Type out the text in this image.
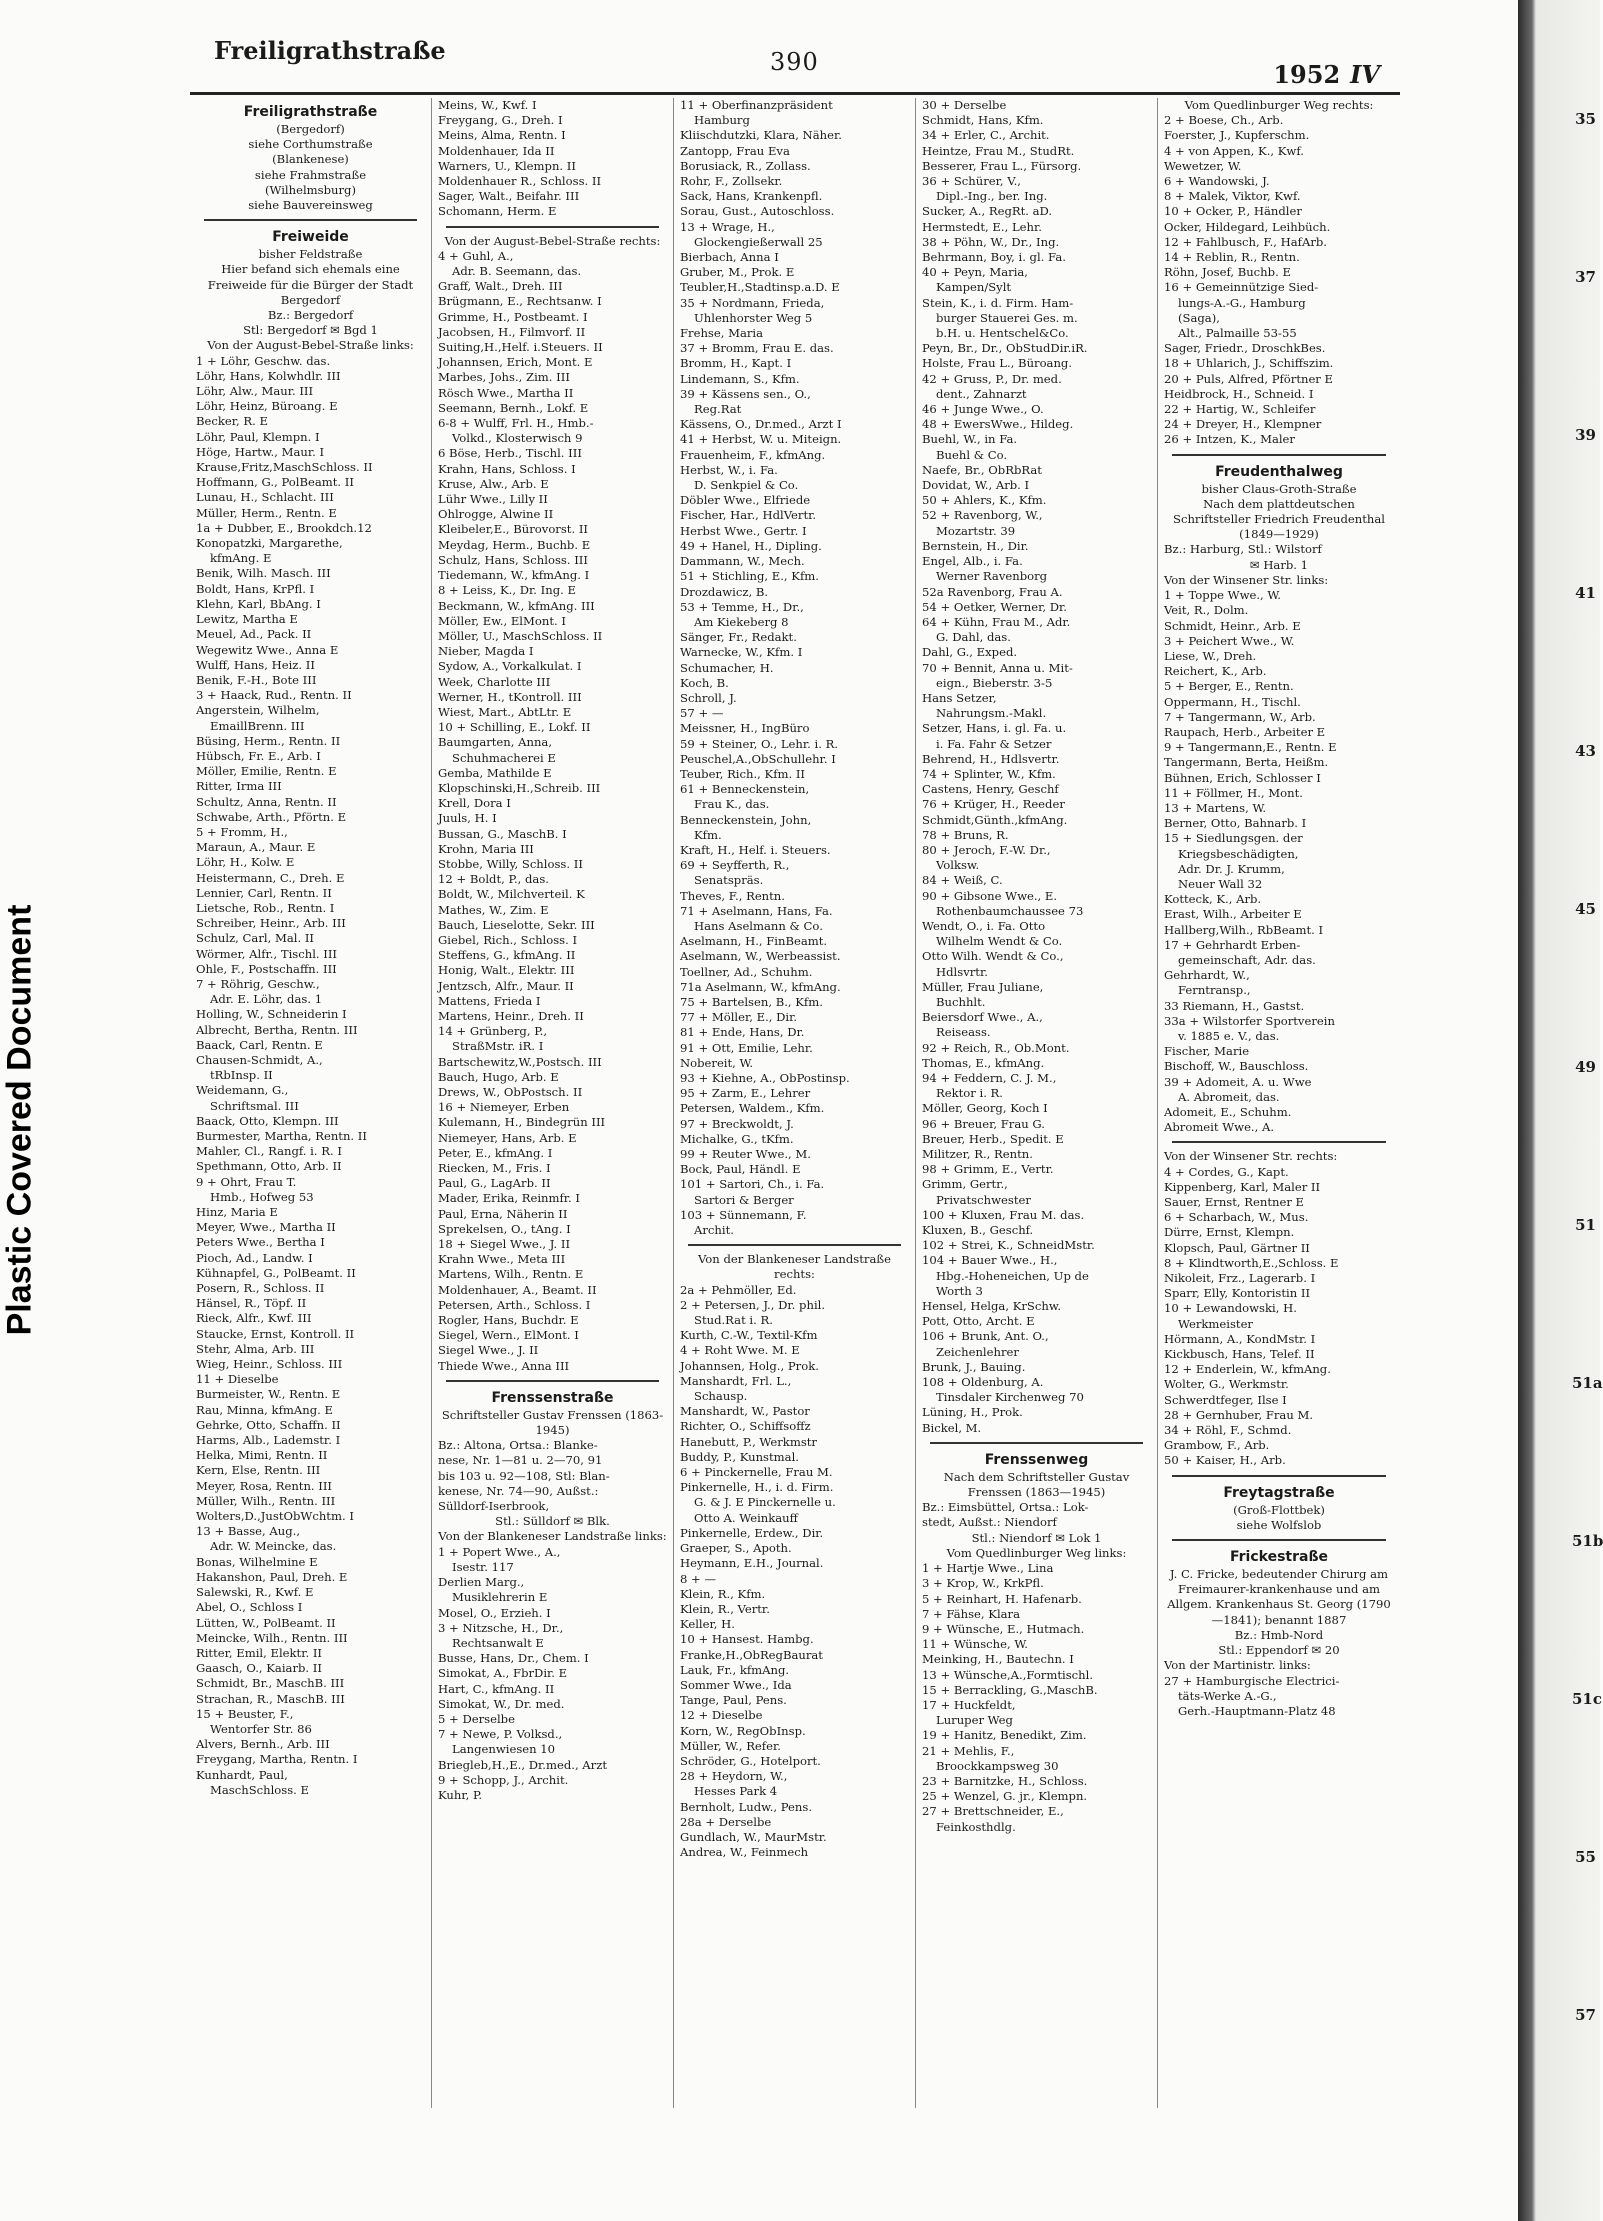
Plastic Covered Document
35
37
39
41
43
45
49
51
51a
51b
51c
55
57
Freiligrathstraße	390	1952 IV
Freiligrathstraße
(Bergedorf)
siehe Corthumstraße
(Blankenese)
siehe Frahmstraße
(Wilhelmsburg)
siehe Bauvereinsweg
Freiweide
bisher Feldstraße
Hier befand sich ehemals eine Freiweide für die Bürger der Stadt Bergedorf
Bz.: Bergedorf
Stl: Bergedorf ✉ Bgd 1
Von der August-Bebel-Straße links:
1 + Löhr, Geschw. das.
Löhr, Hans, Kolwhdlr. III
Löhr, Alw., Maur. III
Löhr, Heinz, Büroang. E
Becker, R. E
Löhr, Paul, Klempn. I
Höge, Hartw., Maur. I
Krause,Fritz,MaschSchloss. II
Hoffmann, G., PolBeamt. II
Lunau, H., Schlacht. III
Müller, Herm., Rentn. E
1a + Dubber, E., Brookdch.12
Konopatzki, Margarethe,
kfmAng. E
Benik, Wilh. Masch. III
Boldt, Hans, KrPfl. I
Klehn, Karl, BbAng. I
Lewitz, Martha E
Meuel, Ad., Pack. II
Wegewitz Wwe., Anna E
Wulff, Hans, Heiz. II
Benik, F.-H., Bote III
3 + Haack, Rud., Rentn. II
Angerstein, Wilhelm,
EmaillBrenn. III
Büsing, Herm., Rentn. II
Hübsch, Fr. E., Arb. I
Möller, Emilie, Rentn. E
Ritter, Irma III
Schultz, Anna, Rentn. II
Schwabe, Arth., Pförtn. E
5 + Fromm, H.,
Maraun, A., Maur. E
Löhr, H., Kolw. E
Heistermann, C., Dreh. E
Lennier, Carl, Rentn. II
Lietsche, Rob., Rentn. I
Schreiber, Heinr., Arb. III
Schulz, Carl, Mal. II
Wörmer, Alfr., Tischl. III
Ohle, F., Postschaffn. III
7 + Röhrig, Geschw.,
Adr. E. Löhr, das. 1
Holling, W., Schneiderin I
Albrecht, Bertha, Rentn. III
Baack, Carl, Rentn. E
Chausen-Schmidt, A.,
tRbInsp. II
Weidemann, G.,
Schriftsmal. III
Baack, Otto, Klempn. III
Burmester, Martha, Rentn. II
Mahler, Cl., Rangf. i. R. I
Spethmann, Otto, Arb. II
9 + Ohrt, Frau T.
Hmb., Hofweg 53
Hinz, Maria E
Meyer, Wwe., Martha II
Peters Wwe., Bertha I
Pioch, Ad., Landw. I
Kühnapfel, G., PolBeamt. II
Posern, R., Schloss. II
Hänsel, R., Töpf. II
Rieck, Alfr., Kwf. III
Staucke, Ernst, Kontroll. II
Stehr, Alma, Arb. III
Wieg, Heinr., Schloss. III
11 + Dieselbe
Burmeister, W., Rentn. E
Rau, Minna, kfmAng. E
Gehrke, Otto, Schaffn. II
Harms, Alb., Lademstr. I
Helka, Mimi, Rentn. II
Kern, Else, Rentn. III
Meyer, Rosa, Rentn. III
Müller, Wilh., Rentn. III
Wolters,D.,JustObWchtm. I
13 + Basse, Aug.,
Adr. W. Meincke, das.
Bonas, Wilhelmine E
Hakanshon, Paul, Dreh. E
Salewski, R., Kwf. E
Abel, O., Schloss I
Lütten, W., PolBeamt. II
Meincke, Wilh., Rentn. III
Ritter, Emil, Elektr. II
Gaasch, O., Kaiarb. II
Schmidt, Br., MaschB. III
Strachan, R., MaschB. III
15 + Beuster, F.,
Wentorfer Str. 86
Alvers, Bernh., Arb. III
Freygang, Martha, Rentn. I
Kunhardt, Paul,
MaschSchloss. E
Meins, W., Kwf. I
Freygang, G., Dreh. I
Meins, Alma, Rentn. I
Moldenhauer, Ida II
Warners, U., Klempn. II
Moldenhauer R., Schloss. II
Sager, Walt., Beifahr. III
Schomann, Herm. E
Von der August-Bebel-Straße rechts:
4 + Guhl, A.,
Adr. B. Seemann, das.
Graff, Walt., Dreh. III
Brügmann, E., Rechtsanw. I
Grimme, H., Postbeamt. I
Jacobsen, H., Filmvorf. II
Suiting,H.,Helf. i.Steuers. II
Johannsen, Erich, Mont. E
Marbes, Johs., Zim. III
Rösch Wwe., Martha II
Seemann, Bernh., Lokf. E
6-8 + Wulff, Frl. H., Hmb.-
Volkd., Klosterwisch 9
6 Böse, Herb., Tischl. III
Krahn, Hans, Schloss. I
Kruse, Alw., Arb. E
Lühr Wwe., Lilly II
Ohlrogge, Alwine II
Kleibeler,E., Bürovorst. II
Meydag, Herm., Buchb. E
Schulz, Hans, Schloss. III
Tiedemann, W., kfmAng. I
8 + Leiss, K., Dr. Ing. E
Beckmann, W., kfmAng. III
Möller, Ew., ElMont. I
Möller, U., MaschSchloss. II
Nieber, Magda I
Sydow, A., Vorkalkulat. I
Week, Charlotte III
Werner, H., tKontroll. III
Wiest, Mart., AbtLtr. E
10 + Schilling, E., Lokf. II
Baumgarten, Anna,
Schuhmacherei E
Gemba, Mathilde E
Klopschinski,H.,Schreib. III
Krell, Dora I
Juuls, H. I
Bussan, G., MaschB. I
Krohn, Maria III
Stobbe, Willy, Schloss. II
12 + Boldt, P., das.
Boldt, W., Milchverteil. K
Mathes, W., Zim. E
Bauch, Lieselotte, Sekr. III
Giebel, Rich., Schloss. I
Steffens, G., kfmAng. II
Honig, Walt., Elektr. III
Jentzsch, Alfr., Maur. II
Mattens, Frieda I
Martens, Heinr., Dreh. II
14 + Grünberg, P.,
StraßMstr. iR. I
Bartschewitz,W.,Postsch. III
Bauch, Hugo, Arb. E
Drews, W., ObPostsch. II
16 + Niemeyer, Erben
Kulemann, H., Bindegrün III
Niemeyer, Hans, Arb. E
Peter, E., kfmAng. I
Riecken, M., Fris. I
Paul, G., LagArb. II
Mader, Erika, Reinmfr. I
Paul, Erna, Näherin II
Sprekelsen, O., tAng. I
18 + Siegel Wwe., J. II
Krahn Wwe., Meta III
Martens, Wilh., Rentn. E
Moldenhauer, A., Beamt. II
Petersen, Arth., Schloss. I
Rogler, Hans, Buchdr. E
Siegel, Wern., ElMont. I
Siegel Wwe., J. II
Thiede Wwe., Anna III
Frenssenstraße
Schriftsteller Gustav Frenssen (1863-1945)
Bz.: Altona, Ortsa.: Blanke-
nese, Nr. 1—81 u. 2—70, 91
bis 103 u. 92—108, Stl: Blan-
kenese, Nr. 74—90, Außst.:
Sülldorf-Iserbrook,
Stl.: Sülldorf ✉ Blk.
Von der Blankeneser Landstraße links:
1 + Popert Wwe., A.,
Isestr. 117
Derlien Marg.,
Musiklehrerin E
Mosel, O., Erzieh. I
3 + Nitzsche, H., Dr.,
Rechtsanwalt E
Busse, Hans, Dr., Chem. I
Simokat, A., FbrDir. E
Hart, C., kfmAng. II
Simokat, W., Dr. med.
5 + Derselbe
7 + Newe, P. Volksd.,
Langenwiesen 10
Briegleb,H.,E., Dr.med., Arzt
9 + Schopp, J., Archit.
Kuhr, P.
11 + Oberfinanzpräsident
Hamburg
Kliischdutzki, Klara, Näher.
Zantopp, Frau Eva
Borusiack, R., Zollass.
Rohr, F., Zollsekr.
Sack, Hans, Krankenpfl.
Sorau, Gust., Autoschloss.
13 + Wrage, H.,
Glockengießerwall 25
Bierbach, Anna I
Gruber, M., Prok. E
Teubler,H.,Stadtinsp.a.D. E
35 + Nordmann, Frieda,
Uhlenhorster Weg 5
Frehse, Maria
37 + Bromm, Frau E. das.
Bromm, H., Kapt. I
Lindemann, S., Kfm.
39 + Kässens sen., O.,
Reg.Rat
Kässens, O., Dr.med., Arzt I
41 + Herbst, W. u. Miteign.
Frauenheim, F., kfmAng.
Herbst, W., i. Fa.
D. Senkpiel & Co.
Döbler Wwe., Elfriede
Fischer, Har., HdlVertr.
Herbst Wwe., Gertr. I
49 + Hanel, H., Dipling.
Dammann, W., Mech.
51 + Stichling, E., Kfm.
Drozdawicz, B.
53 + Temme, H., Dr.,
Am Kiekeberg 8
Sänger, Fr., Redakt.
Warnecke, W., Kfm. I
Schumacher, H.
Koch, B.
Schroll, J.
57 + —
Meissner, H., IngBüro
59 + Steiner, O., Lehr. i. R.
Peuschel,A.,ObSchullehr. I
Teuber, Rich., Kfm. II
61 + Benneckenstein,
Frau K., das.
Benneckenstein, John,
Kfm.
Kraft, H., Helf. i. Steuers.
69 + Seyfferth, R.,
Senatspräs.
Theves, F., Rentn.
71 + Aselmann, Hans, Fa.
Hans Aselmann & Co.
Aselmann, H., FinBeamt.
Aselmann, W., Werbeassist.
Toellner, Ad., Schuhm.
71a Aselmann, W., kfmAng.
75 + Bartelsen, B., Kfm.
77 + Möller, E., Dir.
81 + Ende, Hans, Dr.
91 + Ott, Emilie, Lehr.
Nobereit, W.
93 + Kiehne, A., ObPostinsp.
95 + Zarm, E., Lehrer
Petersen, Waldem., Kfm.
97 + Breckwoldt, J.
Michalke, G., tKfm.
99 + Reuter Wwe., M.
Bock, Paul, Händl. E
101 + Sartori, Ch., i. Fa.
Sartori & Berger
103 + Sünnemann, F.
Archit.
Von der Blankeneser Landstraße rechts:
2a + Pehmöller, Ed.
2 + Petersen, J., Dr. phil.
Stud.Rat i. R.
Kurth, C.-W., Textil-Kfm
4 + Roht Wwe. M. E
Johannsen, Holg., Prok.
Manshardt, Frl. L.,
Schausp.
Manshardt, W., Pastor
Richter, O., Schiffsoffz
Hanebutt, P., Werkmstr
Buddy, P., Kunstmal.
6 + Pinckernelle, Frau M.
Pinkernelle, H., i. d. Firm.
G. & J. E Pinckernelle u.
Otto A. Weinkauff
Pinkernelle, Erdew., Dir.
Graeper, S., Apoth.
Heymann, E.H., Journal.
8 + —
Klein, R., Kfm.
Klein, R., Vertr.
Keller, H.
10 + Hansest. Hambg.
Franke,H.,ObRegBaurat
Lauk, Fr., kfmAng.
Sommer Wwe., Ida
Tange, Paul, Pens.
12 + Dieselbe
Korn, W., RegObInsp.
Müller, W., Refer.
Schröder, G., Hotelport.
28 + Heydorn, W.,
Hesses Park 4
Bernholt, Ludw., Pens.
28a + Derselbe
Gundlach, W., MaurMstr.
Andrea, W., Feinmech
30 + Derselbe
Schmidt, Hans, Kfm.
34 + Erler, C., Archit.
Heintze, Frau M., StudRt.
Besserer, Frau L., Fürsorg.
36 + Schürer, V.,
Dipl.-Ing., ber. Ing.
Sucker, A., RegRt. aD.
Hermstedt, E., Lehr.
38 + Pöhn, W., Dr., Ing.
Behrmann, Boy, i. gl. Fa.
40 + Peyn, Maria,
Kampen/Sylt
Stein, K., i. d. Firm. Ham-
burger Stauerei Ges. m.
b.H. u. Hentschel&Co.
Peyn, Br., Dr., ObStudDir.iR.
Holste, Frau L., Büroang.
42 + Gruss, P., Dr. med.
dent., Zahnarzt
46 + Junge Wwe., O.
48 + EwersWwe., Hildeg.
Buehl, W., in Fa.
Buehl & Co.
Naefe, Br., ObRbRat
Dovidat, W., Arb. I
50 + Ahlers, K., Kfm.
52 + Ravenborg, W.,
Mozartstr. 39
Bernstein, H., Dir.
Engel, Alb., i. Fa.
Werner Ravenborg
52a Ravenborg, Frau A.
54 + Oetker, Werner, Dr.
64 + Kühn, Frau M., Adr.
G. Dahl, das.
Dahl, G., Exped.
70 + Bennit, Anna u. Mit-
eign., Bieberstr. 3-5
Hans Setzer,
Nahrungsm.-Makl.
Setzer, Hans, i. gl. Fa. u.
i. Fa. Fahr & Setzer
Behrend, H., Hdlsvertr.
74 + Splinter, W., Kfm.
Castens, Henry, Geschf
76 + Krüger, H., Reeder
Schmidt,Günth.,kfmAng.
78 + Bruns, R.
80 + Jeroch, F.-W. Dr.,
Volksw.
84 + Weiß, C.
90 + Gibsone Wwe., E.
Rothenbaumchaussee 73
Wendt, O., i. Fa. Otto
Wilhelm Wendt & Co.
Otto Wilh. Wendt & Co.,
Hdlsvrtr.
Müller, Frau Juliane,
Buchhlt.
Beiersdorf Wwe., A.,
Reiseass.
92 + Reich, R., Ob.Mont.
Thomas, E., kfmAng.
94 + Feddern, C. J. M.,
Rektor i. R.
Möller, Georg, Koch I
96 + Breuer, Frau G.
Breuer, Herb., Spedit. E
Militzer, R., Rentn.
98 + Grimm, E., Vertr.
Grimm, Gertr.,
Privatschwester
100 + Kluxen, Frau M. das.
Kluxen, B., Geschf.
102 + Strei, K., SchneidMstr.
104 + Bauer Wwe., H.,
Hbg.-Hoheneichen, Up de
Worth 3
Hensel, Helga, KrSchw.
Pott, Otto, Archt. E
106 + Brunk, Ant. O.,
Zeichenlehrer
Brunk, J., Bauing.
108 + Oldenburg, A.
Tinsdaler Kirchenweg 70
Lüning, H., Prok.
Bickel, M.
Frenssenweg
Nach dem Schriftsteller Gustav Frenssen (1863—1945)
Bz.: Eimsbüttel, Ortsa.: Lok-
stedt, Außst.: Niendorf
Stl.: Niendorf ✉ Lok 1
Vom Quedlinburger Weg links:
1 + Hartje Wwe., Lina
3 + Krop, W., KrkPfl.
5 + Reinhart, H. Hafenarb.
7 + Fähse, Klara
9 + Wünsche, E., Hutmach.
11 + Wünsche, W.
Meinking, H., Bautechn. I
13 + Wünsche,A.,Formtischl.
15 + Berrackling, G.,MaschB.
17 + Huckfeldt,
Luruper Weg
19 + Hanitz, Benedikt, Zim.
21 + Mehlis, F.,
Broockkampsweg 30
23 + Barnitzke, H., Schloss.
25 + Wenzel, G. jr., Klempn.
27 + Brettschneider, E.,
Feinkosthdlg.
Vom Quedlinburger Weg rechts:
2 + Boese, Ch., Arb.
Foerster, J., Kupferschm.
4 + von Appen, K., Kwf.
Wewetzer, W.
6 + Wandowski, J.
8 + Malek, Viktor, Kwf.
10 + Ocker, P., Händler
Ocker, Hildegard, Leihbüch.
12 + Fahlbusch, F., HafArb.
14 + Reblin, R., Rentn.
Röhn, Josef, Buchb. E
16 + Gemeinnützige Sied-
lungs-A.-G., Hamburg
(Saga),
Alt., Palmaille 53-55
Sager, Friedr., DroschkBes.
18 + Uhlarich, J., Schiffszim.
20 + Puls, Alfred, Pförtner E
Heidbrock, H., Schneid. I
22 + Hartig, W., Schleifer
24 + Dreyer, H., Klempner
26 + Intzen, K., Maler
Freudenthalweg
bisher Claus-Groth-Straße
Nach dem plattdeutschen Schriftsteller Friedrich Freudenthal (1849—1929)
Bz.: Harburg, Stl.: Wilstorf
✉ Harb. 1
Von der Winsener Str. links:
1 + Toppe Wwe., W.
Veit, R., Dolm.
Schmidt, Heinr., Arb. E
3 + Peichert Wwe., W.
Liese, W., Dreh.
Reichert, K., Arb.
5 + Berger, E., Rentn.
Oppermann, H., Tischl.
7 + Tangermann, W., Arb.
Raupach, Herb., Arbeiter E
9 + Tangermann,E., Rentn. E
Tangermann, Berta, Heißm.
Bühnen, Erich, Schlosser I
11 + Föllmer, H., Mont.
13 + Martens, W.
Berner, Otto, Bahnarb. I
15 + Siedlungsgen. der
Kriegsbeschädigten,
Adr. Dr. J. Krumm,
Neuer Wall 32
Kotteck, K., Arb.
Erast, Wilh., Arbeiter E
Hallberg,Wilh., RbBeamt. I
17 + Gehrhardt Erben-
gemeinschaft, Adr. das.
Gehrhardt, W.,
Ferntransp.,
33 Riemann, H., Gastst.
33a + Wilstorfer Sportverein
v. 1885 e. V., das.
Fischer, Marie
Bischoff, W., Bauschloss.
39 + Adomeit, A. u. Wwe
A. Abromeit, das.
Adomeit, E., Schuhm.
Abromeit Wwe., A.
Von der Winsener Str. rechts:
4 + Cordes, G., Kapt.
Kippenberg, Karl, Maler II
Sauer, Ernst, Rentner E
6 + Scharbach, W., Mus.
Dürre, Ernst, Klempn.
Klopsch, Paul, Gärtner II
8 + Klindtworth,E.,Schloss. E
Nikoleit, Frz., Lagerarb. I
Sparr, Elly, Kontoristin II
10 + Lewandowski, H.
Werkmeister
Hörmann, A., KondMstr. I
Kickbusch, Hans, Telef. II
12 + Enderlein, W., kfmAng.
Wolter, G., Werkmstr.
Schwerdtfeger, Ilse I
28 + Gernhuber, Frau M.
34 + Röhl, F., Schmd.
Grambow, F., Arb.
50 + Kaiser, H., Arb.
Freytagstraße
(Groß-Flottbek)
siehe Wolfslob
Frickestraße
J. C. Fricke, bedeutender Chirurg am Freimaurer-krankenhause und am Allgem. Krankenhaus St. Georg (1790—1841); benannt 1887
Bz.: Hmb-Nord
Stl.: Eppendorf ✉ 20
Von der Martinistr. links:
27 + Hamburgische Electrici-
täts-Werke A.-G.,
Gerh.-Hauptmann-Platz 48
